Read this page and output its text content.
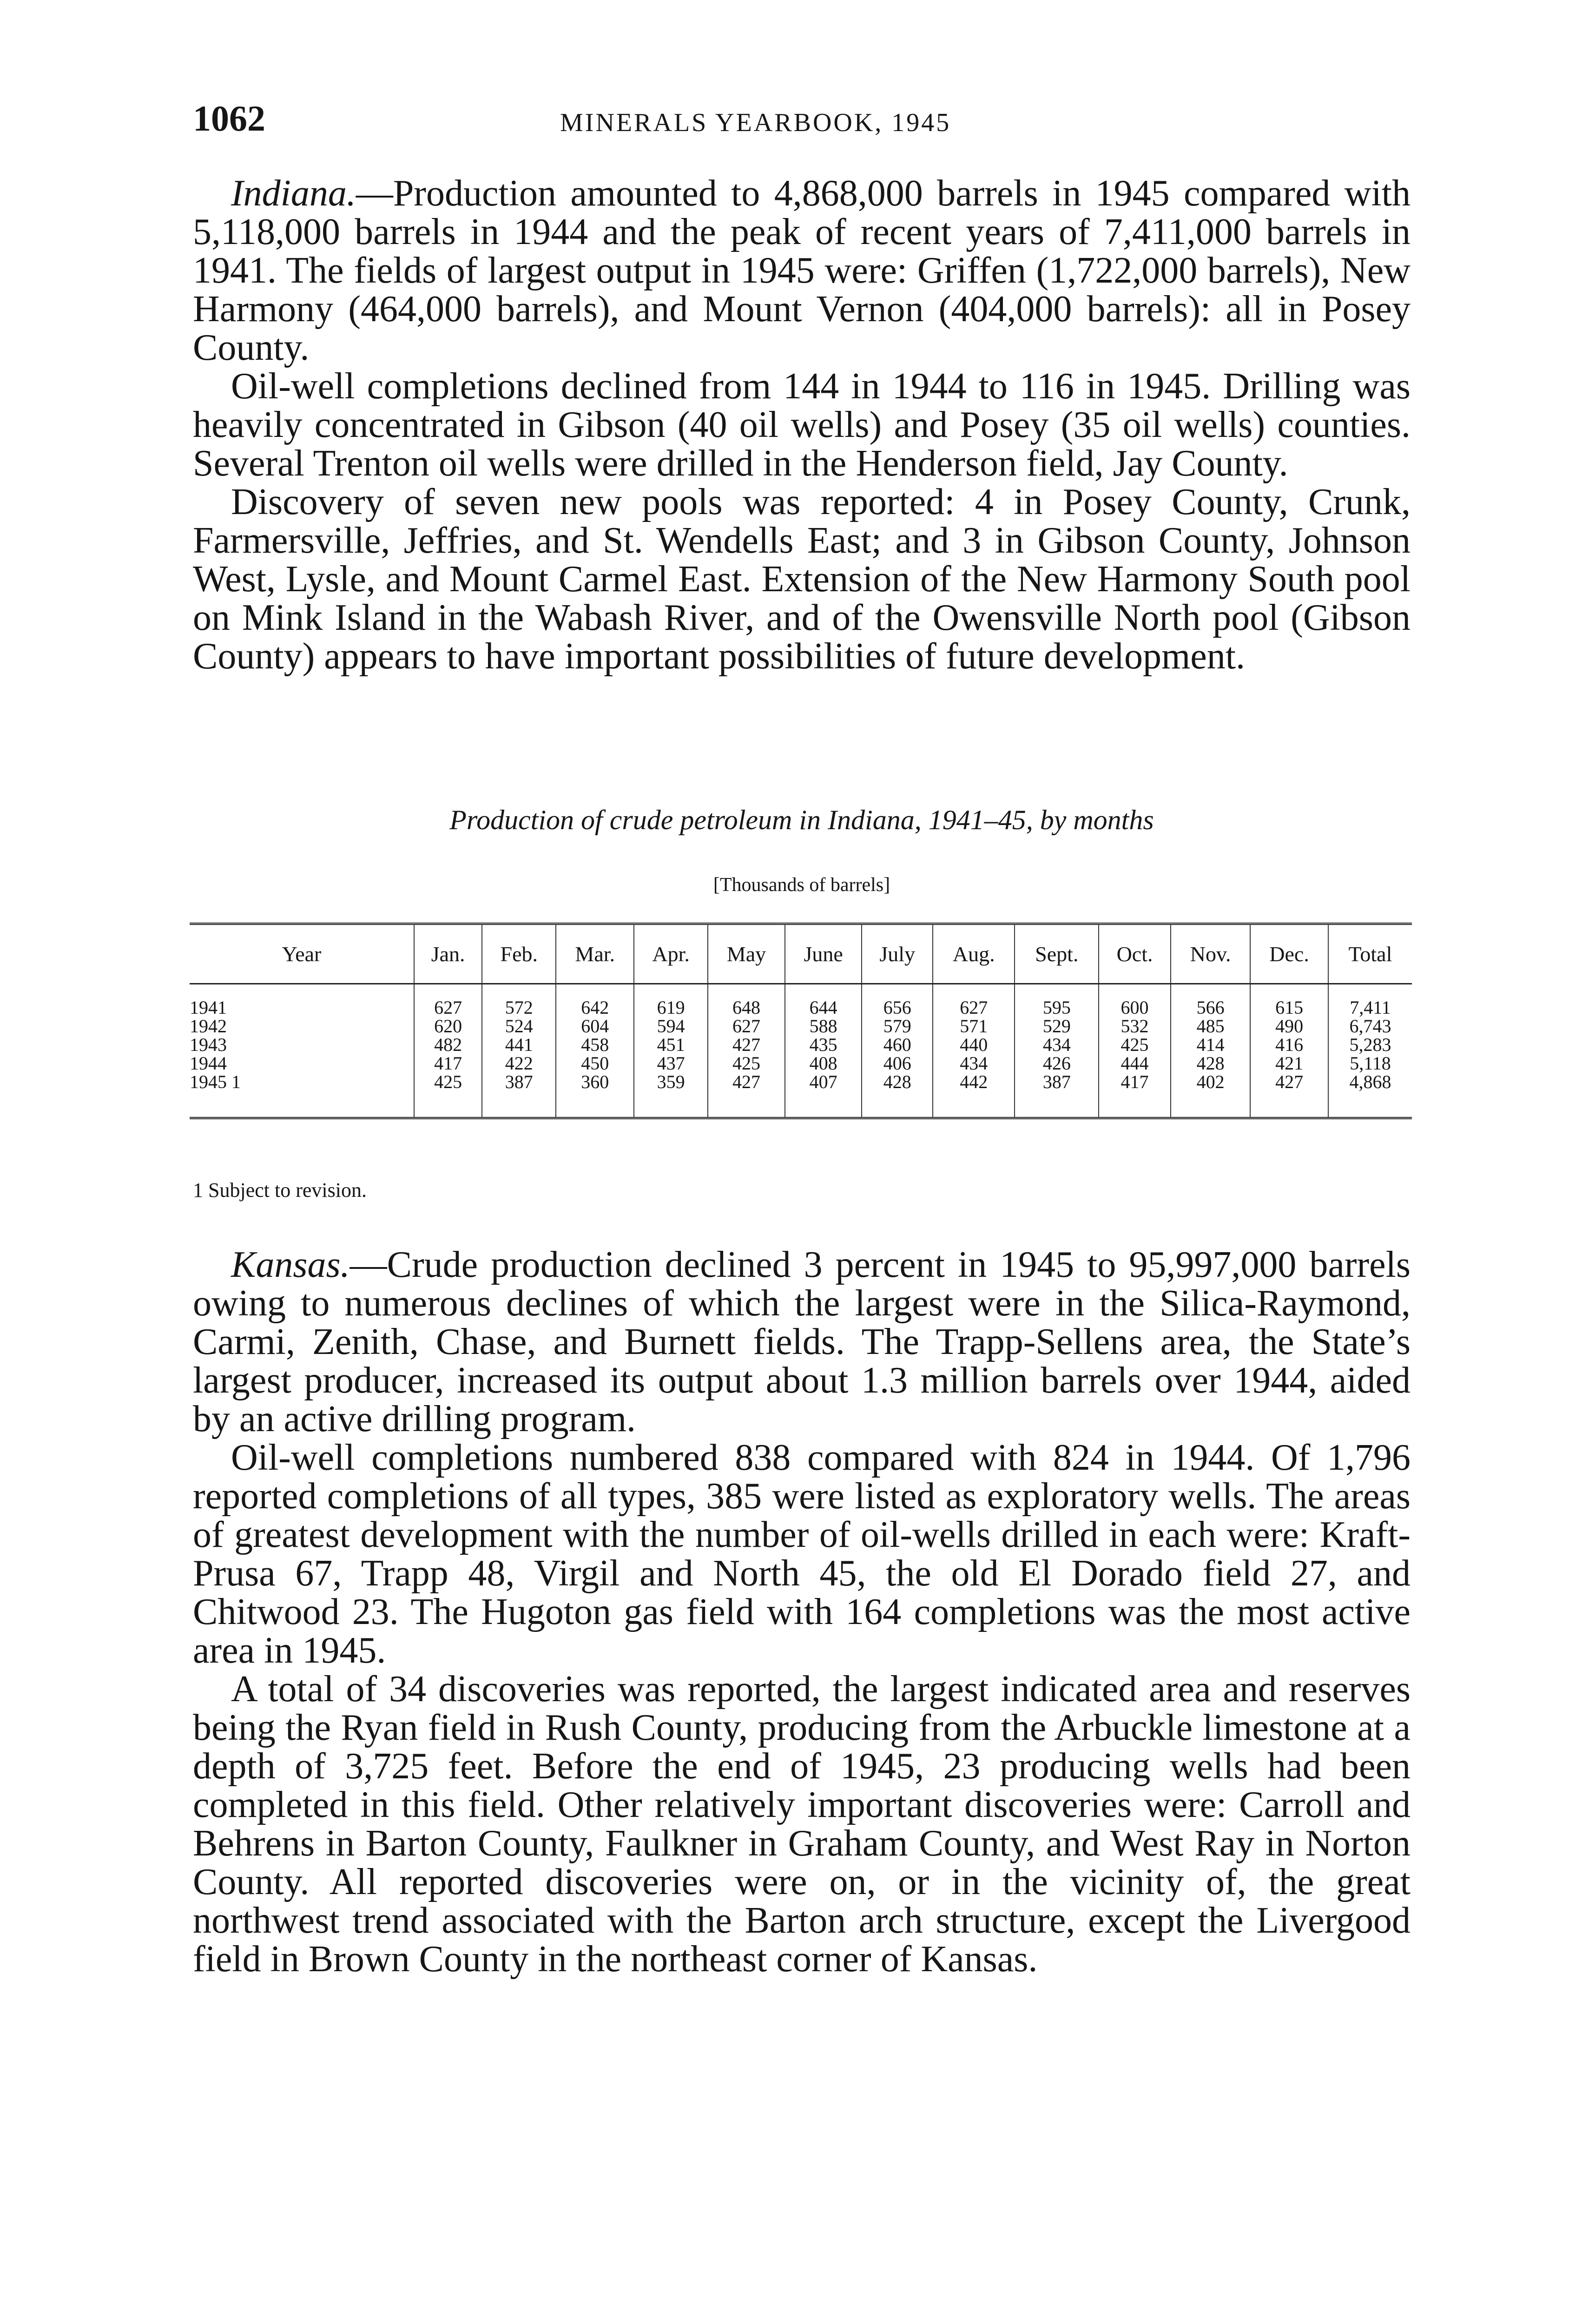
1062	MINERALS YEARBOOK, 1945

Indiana.—Production amounted to 4,868,000 barrels in 1945 compared with 5,118,000 barrels in 1944 and the peak of recent years of 7,411,000 barrels in 1941. The fields of largest output in 1945 were: Griffen (1,722,000 barrels), New Harmony (464,000 barrels), and Mount Vernon (404,000 barrels): all in Posey County.

Oil-well completions declined from 144 in 1944 to 116 in 1945. Drilling was heavily concentrated in Gibson (40 oil wells) and Posey (35 oil wells) counties. Several Trenton oil wells were drilled in the Henderson field, Jay County.

Discovery of seven new pools was reported: 4 in Posey County, Crunk, Farmersville, Jeffries, and St. Wendells East; and 3 in Gibson County, Johnson West, Lysle, and Mount Carmel East. Extension of the New Harmony South pool on Mink Island in the Wabash River, and of the Owensville North pool (Gibson County) appears to have important possibilities of future development.

Production of crude petroleum in Indiana, 1941–45, by months
[Thousands of barrels]
Year	Jan.	Feb.	Mar.	Apr.	May	June	July	Aug.	Sept.	Oct.	Nov.	Dec.	Total
1941	627	572	642	619	648	644	656	627	595	600	566	615	7,411
1942	620	524	604	594	627	588	579	571	529	532	485	490	6,743
1943	482	441	458	451	427	435	460	440	434	425	414	416	5,283
1944	417	422	450	437	425	408	406	434	426	444	428	421	5,118
1945 1	425	387	360	359	427	407	428	442	387	417	402	427	4,868
1 Subject to revision.

Kansas.—Crude production declined 3 percent in 1945 to 95,997,000 barrels owing to numerous declines of which the largest were in the Silica-Raymond, Carmi, Zenith, Chase, and Burnett fields. The Trapp-Sellens area, the State’s largest producer, increased its output about 1.3 million barrels over 1944, aided by an active drilling program.

Oil-well completions numbered 838 compared with 824 in 1944. Of 1,796 reported completions of all types, 385 were listed as exploratory wells. The areas of greatest development with the number of oil-wells drilled in each were: Kraft-Prusa 67, Trapp 48, Virgil and North 45, the old El Dorado field 27, and Chitwood 23. The Hugoton gas field with 164 completions was the most active area in 1945.

A total of 34 discoveries was reported, the largest indicated area and reserves being the Ryan field in Rush County, producing from the Arbuckle limestone at a depth of 3,725 feet. Before the end of 1945, 23 producing wells had been completed in this field. Other relatively important discoveries were: Carroll and Behrens in Barton County, Faulkner in Graham County, and West Ray in Norton County. All reported discoveries were on, or in the vicinity of, the great northwest trend associated with the Barton arch structure, except the Livergood field in Brown County in the northeast corner of Kansas.
